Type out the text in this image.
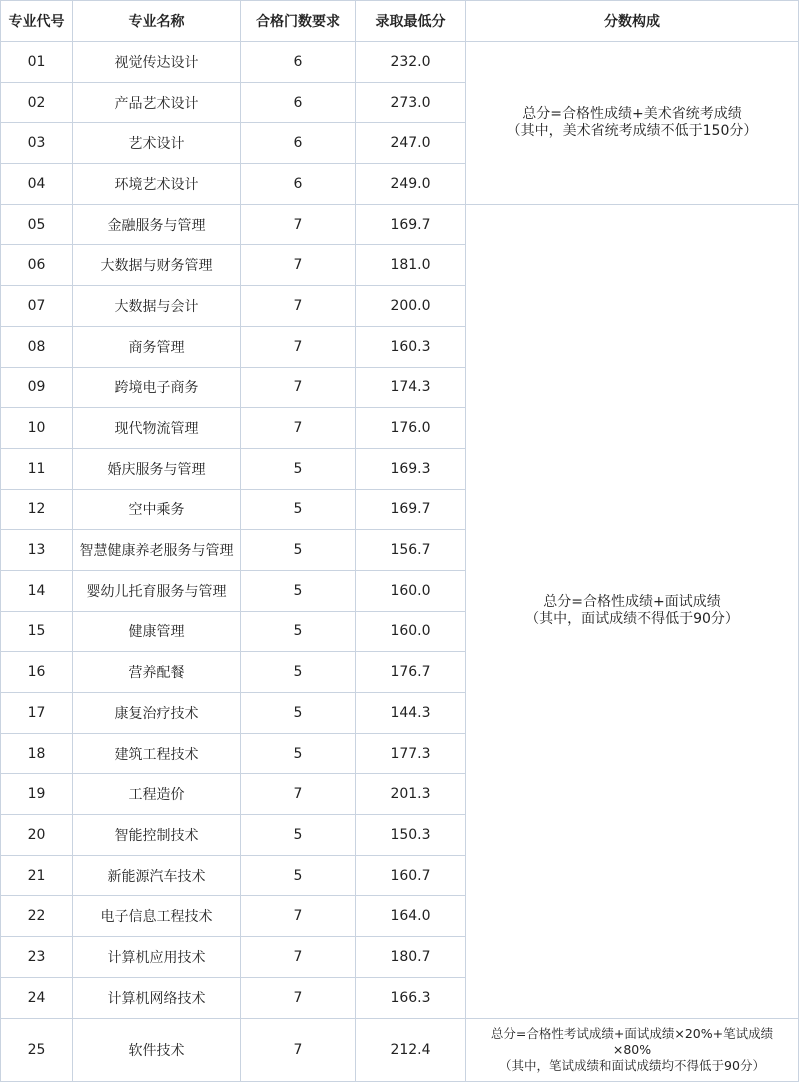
专业代号	专业名称	合格门数要求	录取最低分	分数构成
01	视觉传达设计	6	232.0	总分=合格性成绩+美术省统考成绩
（其中，美术省统考成绩不低于150分）

02	产品艺术设计	6	273.0	
03	艺术设计	6	247.0	
04	环境艺术设计	6	249.0	
05	金融服务与管理	7	169.7	总分=合格性成绩+面试成绩
（其中，面试成绩不得低于90分）

06	大数据与财务管理	7	181.0	
07	大数据与会计	7	200.0	
08	商务管理	7	160.3	
09	跨境电子商务	7	174.3	
10	现代物流管理	7	176.0	
11	婚庆服务与管理	5	169.3	
12	空中乘务	5	169.7	
13	智慧健康养老服务与管理	5	156.7	
14	婴幼儿托育服务与管理	5	160.0	
15	健康管理	5	160.0	
16	营养配餐	5	176.7	
17	康复治疗技术	5	144.3	
18	建筑工程技术	5	177.3	
19	工程造价	7	201.3	
20	智能控制技术	5	150.3	
21	新能源汽车技术	5	160.7	
22	电子信息工程技术	7	164.0	
23	计算机应用技术	7	180.7	
24	计算机网络技术	7	166.3	
25	软件技术	7	212.4	总分=合格性考试成绩+面试成绩×20%+笔试成绩
×80%
（其中，笔试成绩和面试成绩均不得低于90分）
